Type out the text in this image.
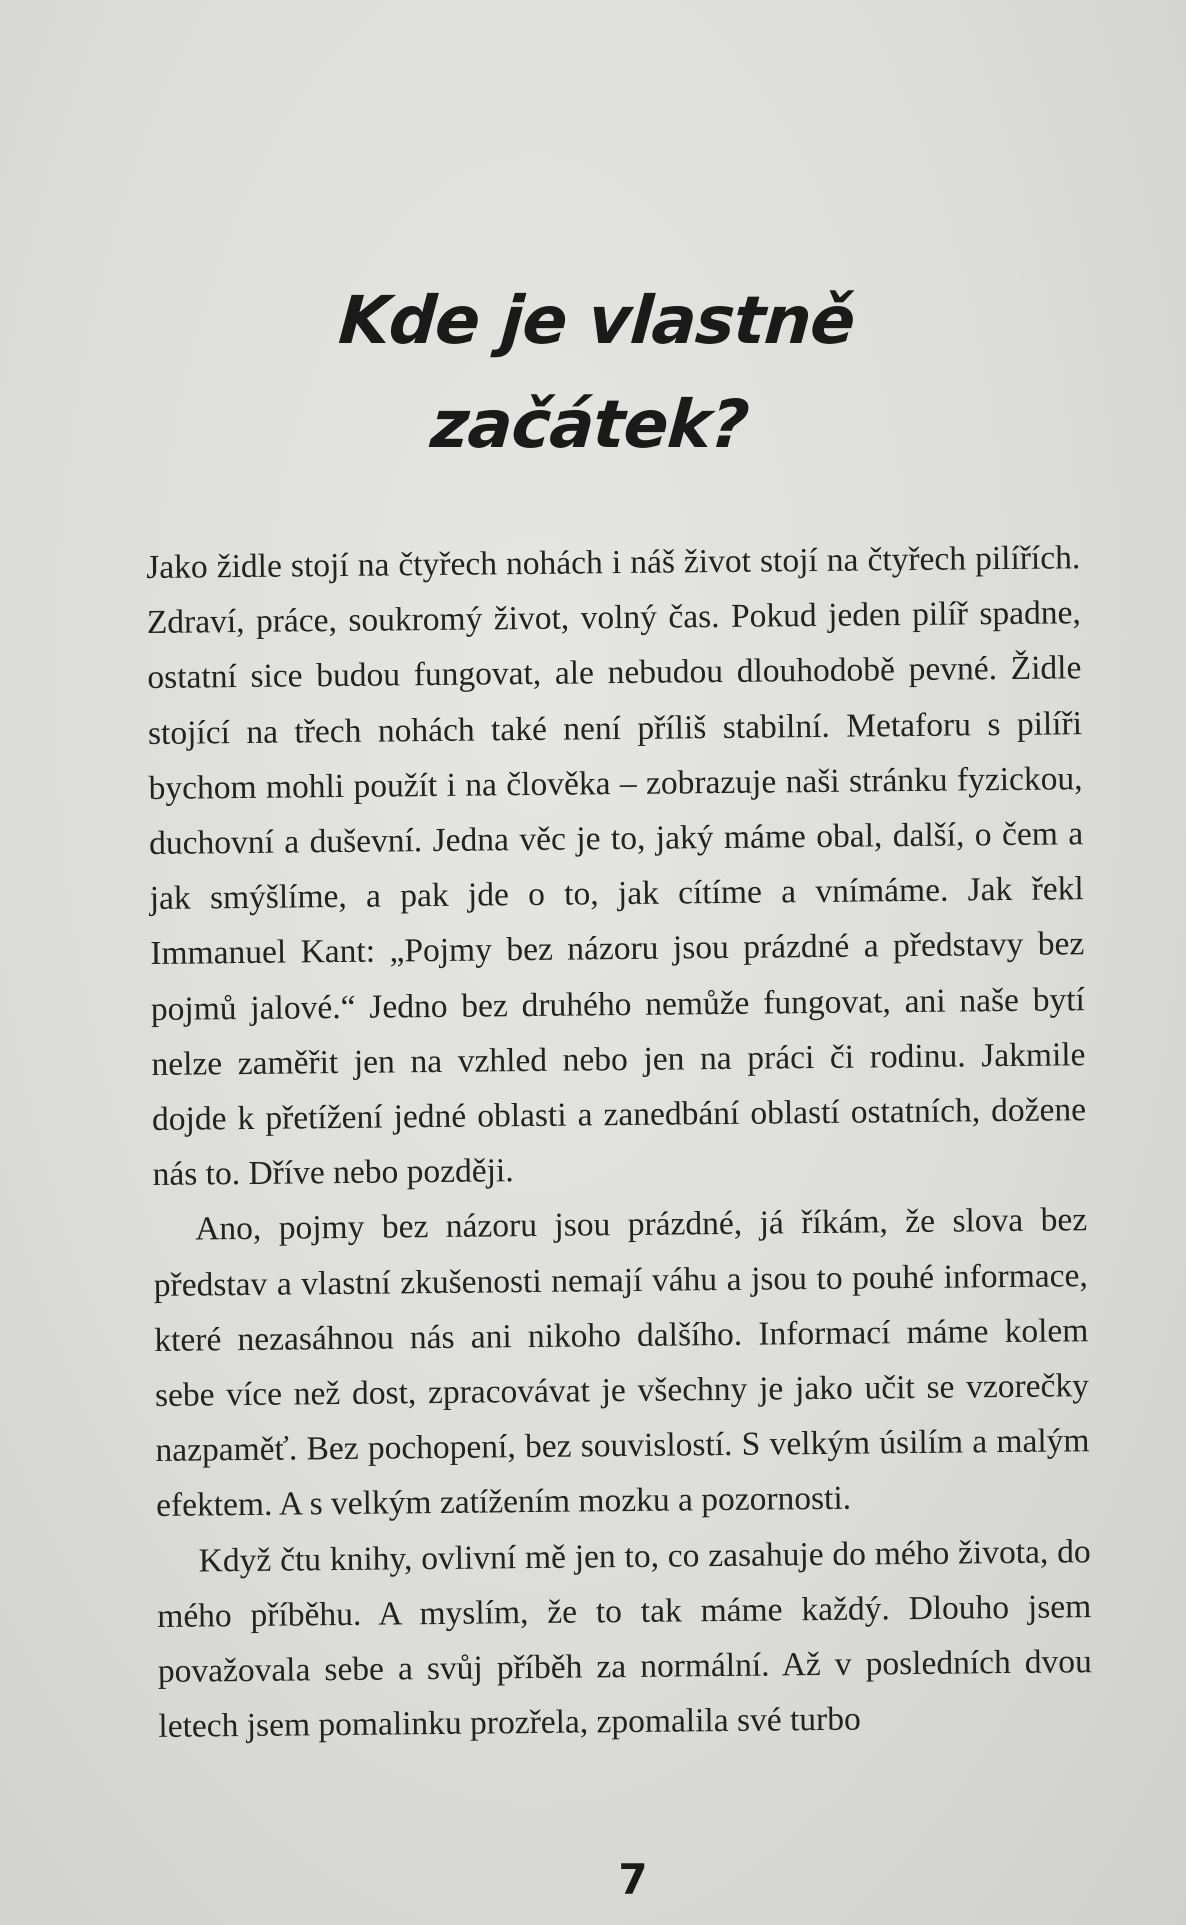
Kde je vlastně
začátek?

Jako židle stojí na čtyřech nohách i náš život stojí na čtyřech pilířích. Zdraví, práce, soukromý život, volný čas. Pokud jeden pilíř spadne, ostatní sice budou fungovat, ale nebudou dlouhodobě pevné. Židle stojící na třech nohách také není příliš stabilní. Metaforu s pilíři bychom mohli použít i na člověka – zobrazuje naši stránku fyzickou, duchovní a duševní. Jedna věc je to, jaký máme obal, další, o čem a jak smýšlíme, a pak jde o to, jak cítíme a vnímáme. Jak řekl Immanuel Kant: „Pojmy bez názoru jsou prázdné a představy bez pojmů jalové.“ Jedno bez druhého nemůže fungovat, ani naše bytí nelze zaměřit jen na vzhled nebo jen na práci či rodinu. Jakmile dojde k přetížení jedné oblasti a zanedbání oblastí ostatních, dožene nás to. Dříve nebo později.

Ano, pojmy bez názoru jsou prázdné, já říkám, že slova bez představ a vlastní zkušenosti nemají váhu a jsou to pouhé informace, které nezasáhnou nás ani nikoho dalšího. Informací máme kolem sebe více než dost, zpracovávat je všechny je jako učit se vzorečky nazpaměť. Bez pochopení, bez souvislostí. S velkým úsilím a malým efektem. A s velkým zatížením mozku a pozornosti.

Když čtu knihy, ovlivní mě jen to, co zasahuje do mého života, do mého příběhu. A myslím, že to tak máme každý. Dlouho jsem považovala sebe a svůj příběh za normální. Až v posledních dvou letech jsem pomalinku prozřela, zpomalila své turbo

7
